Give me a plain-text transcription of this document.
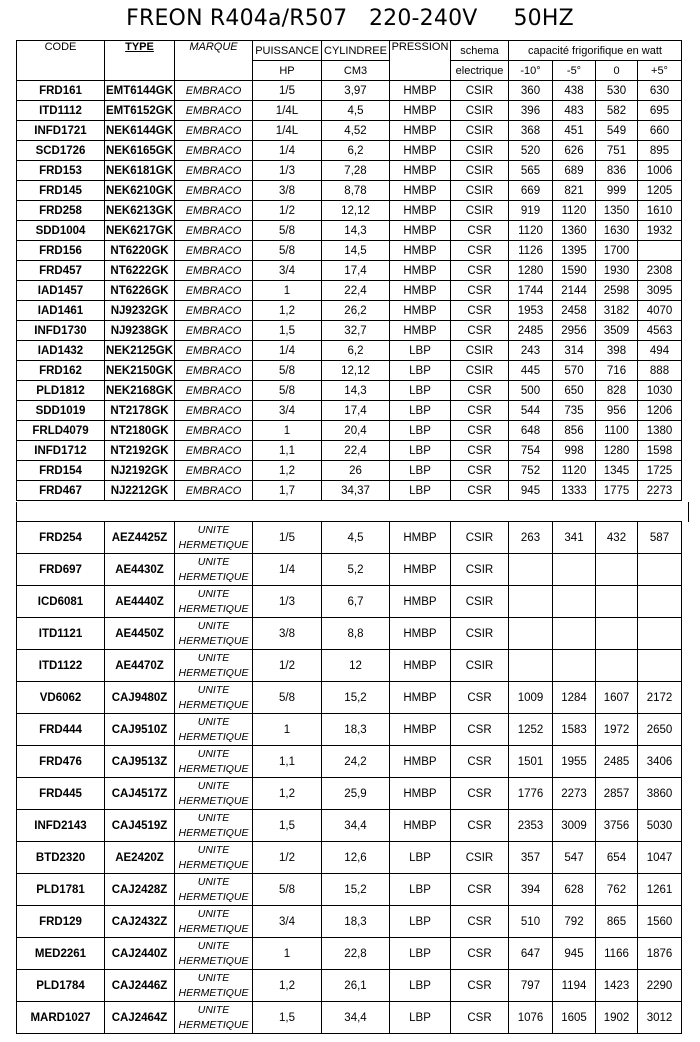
FREON R404a/R507   220-240V     50HZ
CODE	TYPE	MARQUE	PUISSANCE	CYLINDREE	PRESSION	schema	capacité frigorifique en watt			
			HP	CM3		electrique	-10°	-5°	0	+5°
FRD161	EMT6144GK	EMBRACO	1/5	3,97	HMBP	CSIR	360	438	530	630
ITD1112	EMT6152GK	EMBRACO	1/4L	4,5	HMBP	CSIR	396	483	582	695
INFD1721	NEK6144GK	EMBRACO	1/4L	4,52	HMBP	CSIR	368	451	549	660
SCD1726	NEK6165GK	EMBRACO	1/4	6,2	HMBP	CSIR	520	626	751	895
FRD153	NEK6181GK	EMBRACO	1/3	7,28	HMBP	CSIR	565	689	836	1006
FRD145	NEK6210GK	EMBRACO	3/8	8,78	HMBP	CSIR	669	821	999	1205
FRD258	NEK6213GK	EMBRACO	1/2	12,12	HMBP	CSIR	919	1120	1350	1610
SDD1004	NEK6217GK	EMBRACO	5/8	14,3	HMBP	CSR	1120	1360	1630	1932
FRD156	NT6220GK	EMBRACO	5/8	14,5	HMBP	CSR	1126	1395	1700	
FRD457	NT6222GK	EMBRACO	3/4	17,4	HMBP	CSR	1280	1590	1930	2308
IAD1457	NT6226GK	EMBRACO	1	22,4	HMBP	CSR	1744	2144	2598	3095
IAD1461	NJ9232GK	EMBRACO	1,2	26,2	HMBP	CSR	1953	2458	3182	4070
INFD1730	NJ9238GK	EMBRACO	1,5	32,7	HMBP	CSR	2485	2956	3509	4563
IAD1432	NEK2125GK	EMBRACO	1/4	6,2	LBP	CSIR	243	314	398	494
FRD162	NEK2150GK	EMBRACO	5/8	12,12	LBP	CSIR	445	570	716	888
PLD1812	NEK2168GK	EMBRACO	5/8	14,3	LBP	CSR	500	650	828	1030
SDD1019	NT2178GK	EMBRACO	3/4	17,4	LBP	CSR	544	735	956	1206
FRLD4079	NT2180GK	EMBRACO	1	20,4	LBP	CSR	648	856	1100	1380
INFD1712	NT2192GK	EMBRACO	1,1	22,4	LBP	CSR	754	998	1280	1598
FRD154	NJ2192GK	EMBRACO	1,2	26	LBP	CSR	752	1120	1345	1725
FRD467	NJ2212GK	EMBRACO	1,7	34,37	LBP	CSR	945	1333	1775	2273
FRD254	AEZ4425Z	UNITE HERMETIQUE	1/5	4,5	HMBP	CSIR	263	341	432	587
FRD697	AE4430Z	UNITE HERMETIQUE	1/4	5,2	HMBP	CSIR				
ICD6081	AE4440Z	UNITE HERMETIQUE	1/3	6,7	HMBP	CSIR				
ITD1121	AE4450Z	UNITE HERMETIQUE	3/8	8,8	HMBP	CSIR				
ITD1122	AE4470Z	UNITE HERMETIQUE	1/2	12	HMBP	CSIR				
VD6062	CAJ9480Z	UNITE HERMETIQUE	5/8	15,2	HMBP	CSR	1009	1284	1607	2172
FRD444	CAJ9510Z	UNITE HERMETIQUE	1	18,3	HMBP	CSR	1252	1583	1972	2650
FRD476	CAJ9513Z	UNITE HERMETIQUE	1,1	24,2	HMBP	CSR	1501	1955	2485	3406
FRD445	CAJ4517Z	UNITE HERMETIQUE	1,2	25,9	HMBP	CSR	1776	2273	2857	3860
INFD2143	CAJ4519Z	UNITE HERMETIQUE	1,5	34,4	HMBP	CSR	2353	3009	3756	5030
BTD2320	AE2420Z	UNITE HERMETIQUE	1/2	12,6	LBP	CSIR	357	547	654	1047
PLD1781	CAJ2428Z	UNITE HERMETIQUE	5/8	15,2	LBP	CSR	394	628	762	1261
FRD129	CAJ2432Z	UNITE HERMETIQUE	3/4	18,3	LBP	CSR	510	792	865	1560
MED2261	CAJ2440Z	UNITE HERMETIQUE	1	22,8	LBP	CSR	647	945	1166	1876
PLD1784	CAJ2446Z	UNITE HERMETIQUE	1,2	26,1	LBP	CSR	797	1194	1423	2290
MARD1027	CAJ2464Z	UNITE HERMETIQUE	1,5	34,4	LBP	CSR	1076	1605	1902	3012
